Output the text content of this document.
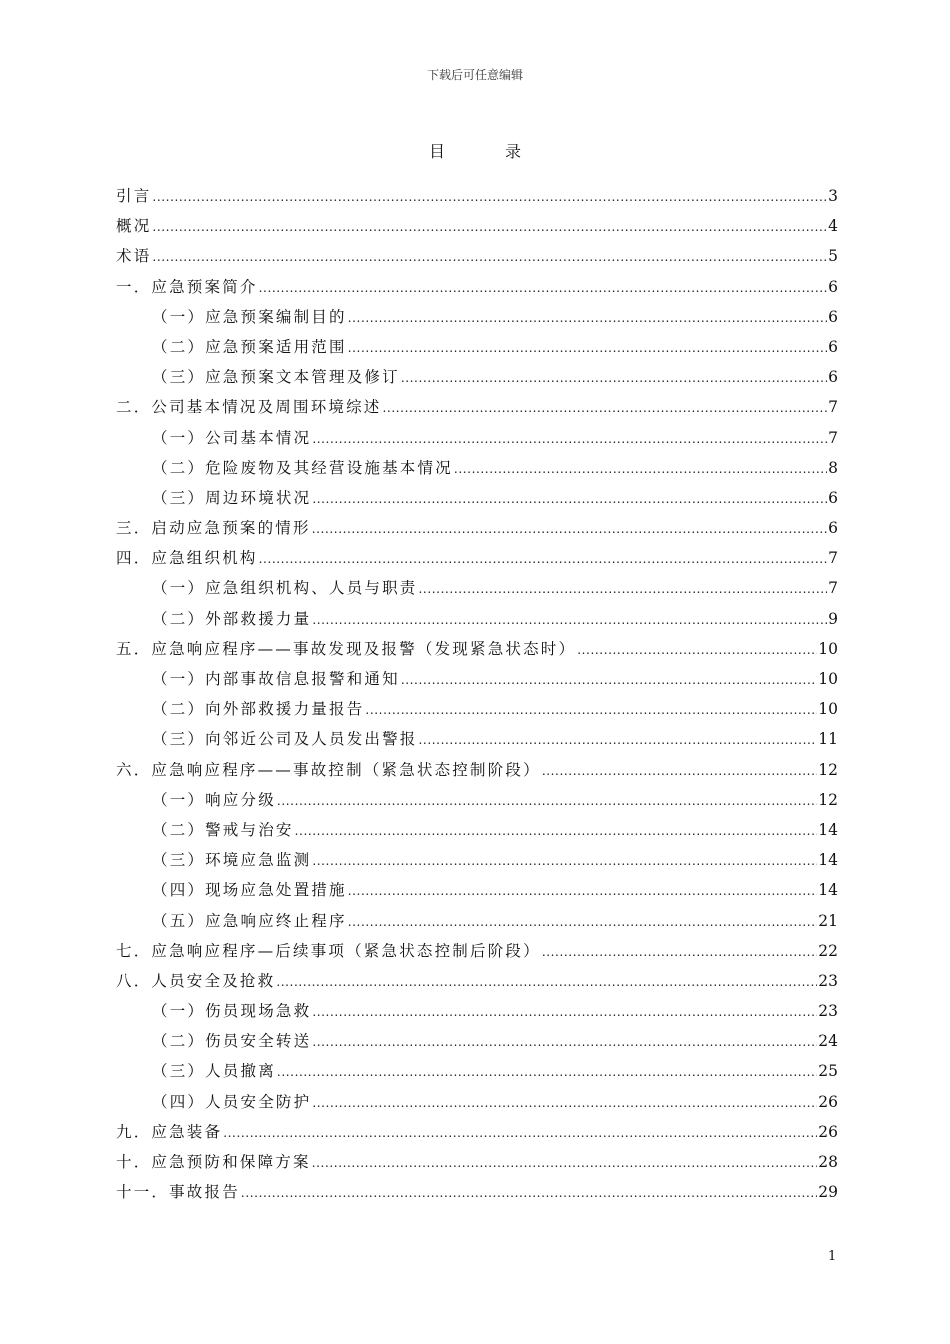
下载后可任意编辑
目　录
引言 .....	3
概况 .....	4
术语 .....	5
一．应急预案简介 .....	6
（一）应急预案编制目的 .....	6
（二）应急预案适用范围 .....	6
（三）应急预案文本管理及修订 .....	6
二．公司基本情况及周围环境综述 .....	7
（一）公司基本情况 .....	7
（二）危险废物及其经营设施基本情况 .....	8
（三）周边环境状况 .....	6
三．启动应急预案的情形 .....	6
四．应急组织机构 .....	7
（一）应急组织机构、人员与职责 .....	7
（二）外部救援力量 .....	9
五．应急响应程序——事故发现及报警（发现紧急状态时） .....	10
（一）内部事故信息报警和通知 .....	10
（二）向外部救援力量报告 .....	10
（三）向邻近公司及人员发出警报 .....	11
六．应急响应程序——事故控制（紧急状态控制阶段） .....	12
（一）响应分级 .....	12
（二）警戒与治安 .....	14
（三）环境应急监测 .....	14
（四）现场应急处置措施 .....	14
（五）应急响应终止程序 .....	21
七．应急响应程序—后续事项（紧急状态控制后阶段） .....	22
八．人员安全及抢救 .....	23
（一）伤员现场急救 .....	23
（二）伤员安全转送 .....	24
（三）人员撤离 .....	25
（四）人员安全防护 .....	26
九．应急装备 .....	26
十．应急预防和保障方案 .....	28
十一．事故报告 .....	29
1
